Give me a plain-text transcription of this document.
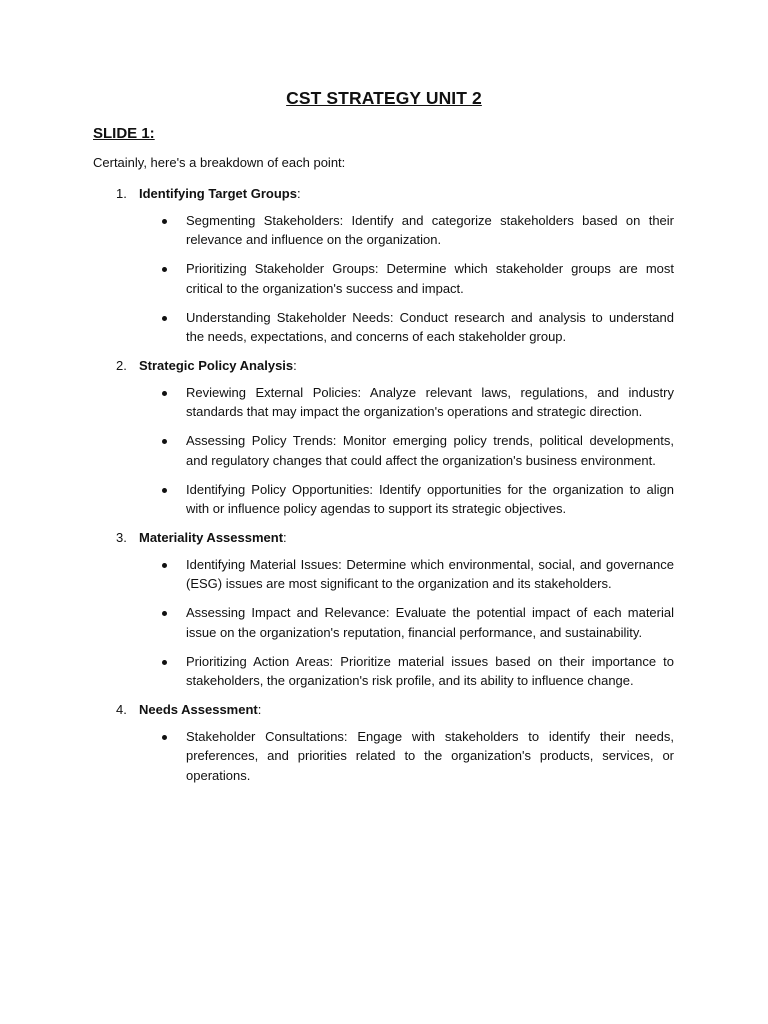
CST STRATEGY UNIT 2
SLIDE 1:

Certainly, here's a breakdown of each point:

1. Identifying Target Groups:
Segmenting Stakeholders: Identify and categorize stakeholders based on their relevance and influence on the organization.
Prioritizing Stakeholder Groups: Determine which stakeholder groups are most critical to the organization's success and impact.
Understanding Stakeholder Needs: Conduct research and analysis to understand the needs, expectations, and concerns of each stakeholder group.
2. Strategic Policy Analysis:
Reviewing External Policies: Analyze relevant laws, regulations, and industry standards that may impact the organization's operations and strategic direction.
Assessing Policy Trends: Monitor emerging policy trends, political developments, and regulatory changes that could affect the organization's business environment.
Identifying Policy Opportunities: Identify opportunities for the organization to align with or influence policy agendas to support its strategic objectives.
3. Materiality Assessment:
Identifying Material Issues: Determine which environmental, social, and governance (ESG) issues are most significant to the organization and its stakeholders.
Assessing Impact and Relevance: Evaluate the potential impact of each material issue on the organization's reputation, financial performance, and sustainability.
Prioritizing Action Areas: Prioritize material issues based on their importance to stakeholders, the organization's risk profile, and its ability to influence change.
4. Needs Assessment:
Stakeholder Consultations: Engage with stakeholders to identify their needs, preferences, and priorities related to the organization's products, services, or operations.
